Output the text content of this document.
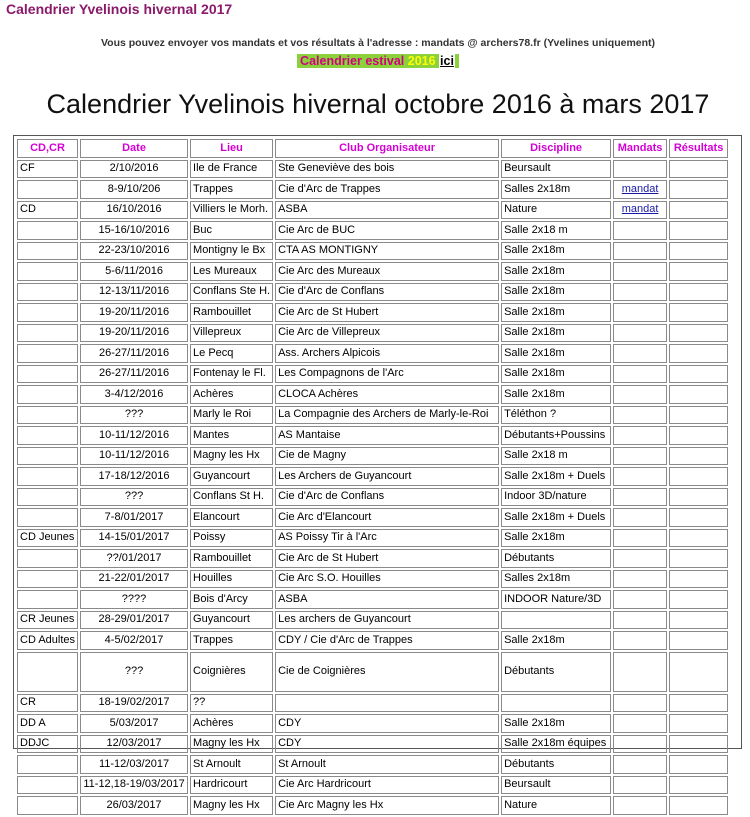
Calendrier Yvelinois hivernal 2017
Vous pouvez envoyer vos mandats et vos résultats à l'adresse : mandats @ archers78.fr (Yvelines uniquement)
Calendrier estival 2016 ici
Calendrier Yvelinois hivernal octobre 2016 à mars 2017
CD,CR	Date	Lieu	Club Organisateur	Discipline	Mandats	Résultats
CF	2/10/2016	Ile de France	Ste Geneviève des bois	Beursault		
	8-9/10/206	Trappes	Cie d'Arc de Trappes	Salles 2x18m	mandat	
CD	16/10/2016	Villiers le Morh.	ASBA	Nature	mandat	
	15-16/10/2016	Buc	Cie Arc de BUC	Salle 2x18 m		
	22-23/10/2016	Montigny le Bx	CTA AS MONTIGNY	Salle 2x18m		
	5-6/11/2016	Les Mureaux	Cie Arc des Mureaux	Salle 2x18m		
	12-13/11/2016	Conflans Ste H.	Cie d'Arc de Conflans	Salle 2x18m		
	19-20/11/2016	Rambouillet	Cie Arc de St Hubert	Salle 2x18m		
	19-20/11/2016	Villepreux	Cie Arc de Villepreux	Salle 2x18m		
	26-27/11/2016	Le Pecq	Ass. Archers Alpicois	Salle 2x18m		
	26-27/11/2016	Fontenay le Fl.	Les Compagnons de l'Arc	Salle 2x18m		
	3-4/12/2016	Achères	CLOCA Achères	Salle 2x18m		
	???	Marly le Roi	La Compagnie des Archers de Marly-le-Roi	Téléthon ?		
	10-11/12/2016	Mantes	AS Mantaise	Débutants+Poussins		
	10-11/12/2016	Magny les Hx	Cie de Magny	Salle 2x18 m		
	17-18/12/2016	Guyancourt	Les Archers de Guyancourt	Salle 2x18m + Duels		
	???	Conflans St H.	Cie d'Arc de Conflans	Indoor 3D/nature		
	7-8/01/2017	Elancourt	Cie Arc d'Elancourt	Salle 2x18m + Duels		
CD Jeunes	14-15/01/2017	Poissy	AS Poissy Tir à l'Arc	Salle 2x18m		
	??/01/2017	Rambouillet	Cie Arc de St Hubert	Débutants		
	21-22/01/2017	Houilles	Cie Arc S.O. Houilles	Salles 2x18m		
	????	Bois d'Arcy	ASBA	INDOOR Nature/3D		
CR Jeunes	28-29/01/2017	Guyancourt	Les archers de Guyancourt			
CD Adultes	4-5/02/2017	Trappes	CDY / Cie d'Arc de Trappes	Salle 2x18m		
	???	Coignières	Cie de Coignières	Débutants		
CR	18-19/02/2017	??				
DD A	5/03/2017	Achères	CDY	Salle 2x18m		
DDJC	12/03/2017	Magny les Hx	CDY	Salle 2x18m équipes		
	11-12/03/2017	St Arnoult	St Arnoult	Débutants		
	11-12,18-19/03/2017	Hardricourt	Cie Arc Hardricourt	Beursault		
	26/03/2017	Magny les Hx	Cie Arc Magny les Hx	Nature		
